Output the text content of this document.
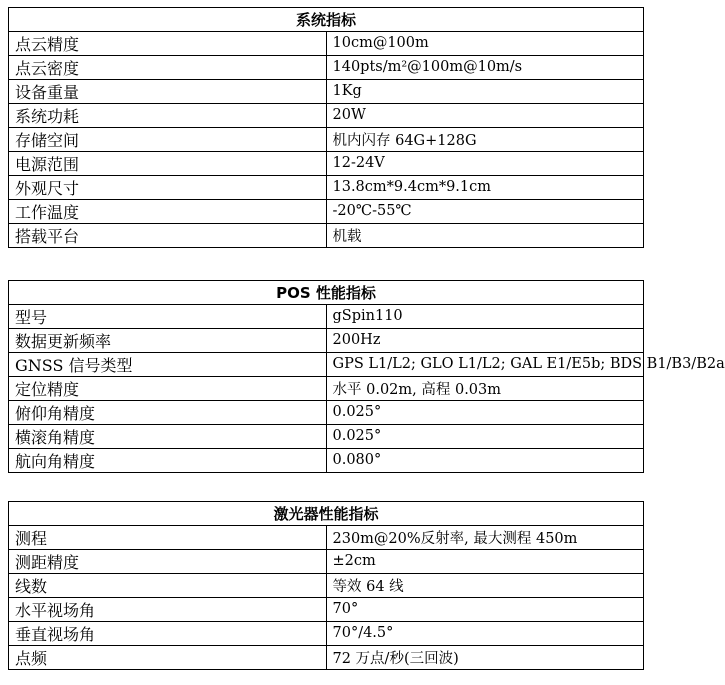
系统指标	
点云精度	10cm@100m
点云密度	140pts/m²@100m@10m/s
设备重量	1Kg
系统功耗	20W
存储空间	机内闪存 64G+128G
电源范围	12-24V
外观尺寸	13.8cm*9.4cm*9.1cm
工作温度	-20℃-55℃
搭载平台	机载
POS 性能指标	
型号	gSpin110
数据更新频率	200Hz
GNSS 信号类型	GPS L1/L2; GLO L1/L2; GAL E1/E5b; BDS B1/B3/B2a
定位精度	水平 0.02m, 高程 0.03m
俯仰角精度	0.025°
横滚角精度	0.025°
航向角精度	0.080°
激光器性能指标	
测程	230m@20%反射率, 最大测程 450m
测距精度	±2cm
线数	等效 64 线
水平视场角	70°
垂直视场角	70°/4.5°
点频	72 万点/秒(三回波)
